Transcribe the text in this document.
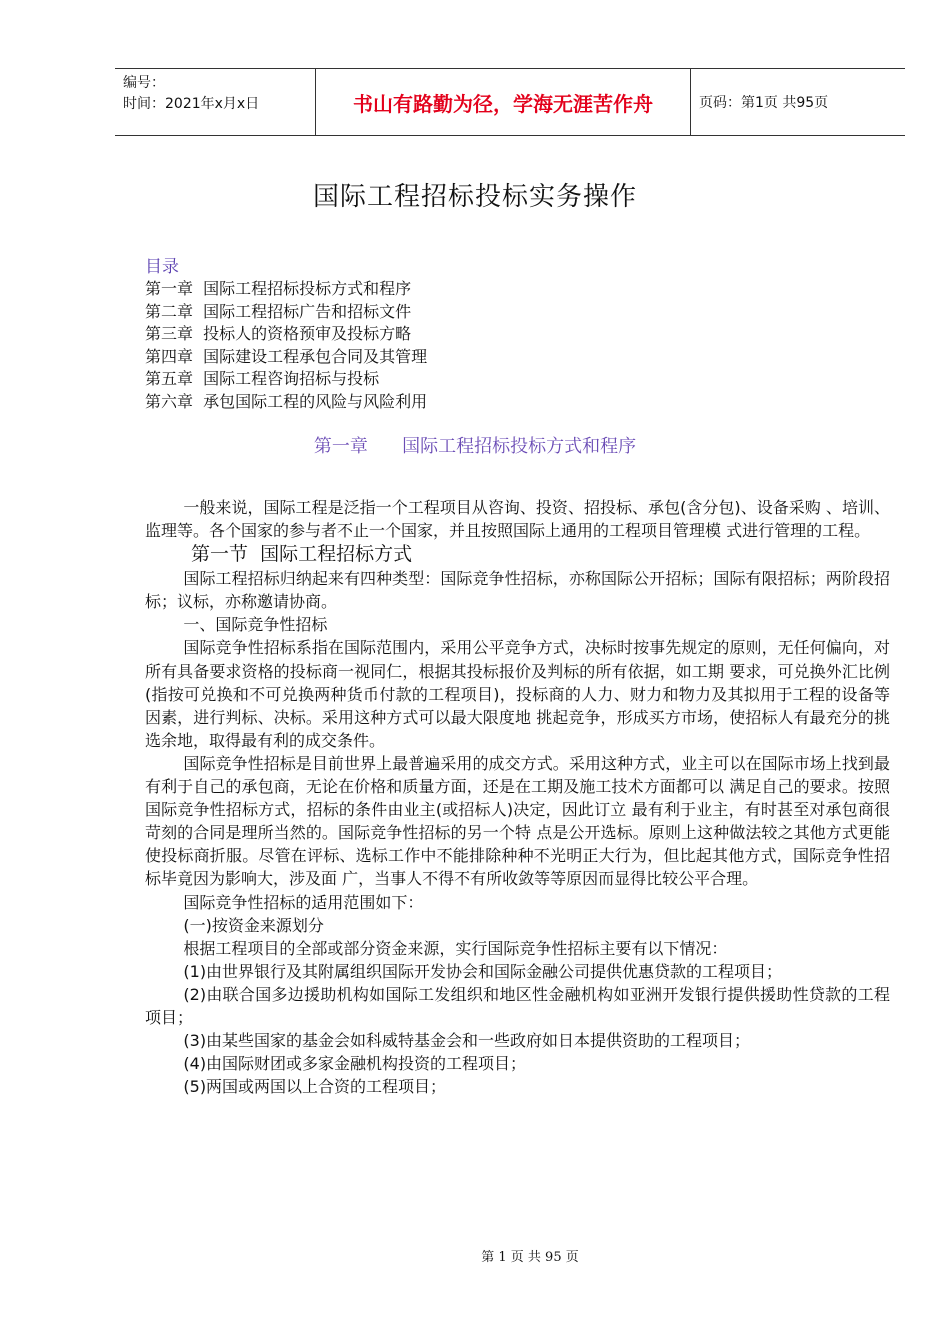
编号：
时间：2021年x月x日	书山有路勤为径，学海无涯苦作舟	页码：第1页 共95页
国际工程招标投标实务操作
目录
第一章  国际工程招标投标方式和程序
第二章  国际工程招标广告和招标文件
第三章  投标人的资格预审及投标方略
第四章  国际建设工程承包合同及其管理
第五章  国际工程咨询招标与投标
第六章  承包国际工程的风险与风险利用
第一章      国际工程招标投标方式和程序

一般来说，国际工程是泛指一个工程项目从咨询、投资、招投标、承包(含分包)、设备采购 、培训、监理等。各个国家的参与者不止一个国家，并且按照国际上通用的工程项目管理模 式进行管理的工程。

第一节  国际工程招标方式

国际工程招标归纳起来有四种类型：国际竞争性招标，亦称国际公开招标；国际有限招标；两阶段招标；议标，亦称邀请协商。

一、国际竞争性招标

国际竞争性招标系指在国际范围内，采用公平竞争方式，决标时按事先规定的原则，无任何偏向，对所有具备要求资格的投标商一视同仁，根据其投标报价及判标的所有依据，如工期 要求，可兑换外汇比例(指按可兑换和不可兑换两种货币付款的工程项目)，投标商的人力、财力和物力及其拟用于工程的设备等因素，进行判标、决标。采用这种方式可以最大限度地 挑起竞争，形成买方市场，使招标人有最充分的挑选余地，取得最有利的成交条件。

国际竞争性招标是目前世界上最普遍采用的成交方式。采用这种方式，业主可以在国际市场上找到最有利于自己的承包商，无论在价格和质量方面，还是在工期及施工技术方面都可以 满足自己的要求。按照国际竞争性招标方式，招标的条件由业主(或招标人)决定，因此订立 最有利于业主，有时甚至对承包商很苛刻的合同是理所当然的。国际竞争性招标的另一个特 点是公开选标。原则上这种做法较之其他方式更能使投标商折服。尽管在评标、选标工作中不能排除种种不光明正大行为，但比起其他方式，国际竞争性招标毕竟因为影响大，涉及面 广，当事人不得不有所收敛等等原因而显得比较公平合理。

国际竞争性招标的适用范围如下：

(一)按资金来源划分

根据工程项目的全部或部分资金来源，实行国际竞争性招标主要有以下情况：

(1)由世界银行及其附属组织国际开发协会和国际金融公司提供优惠贷款的工程项目；

(2)由联合国多边援助机构如国际工发组织和地区性金融机构如亚洲开发银行提供援助性贷款的工程项目；

(3)由某些国家的基金会如科威特基金会和一些政府如日本提供资助的工程项目；

(4)由国际财团或多家金融机构投资的工程项目；

(5)两国或两国以上合资的工程项目；

第 1 页 共 95 页
